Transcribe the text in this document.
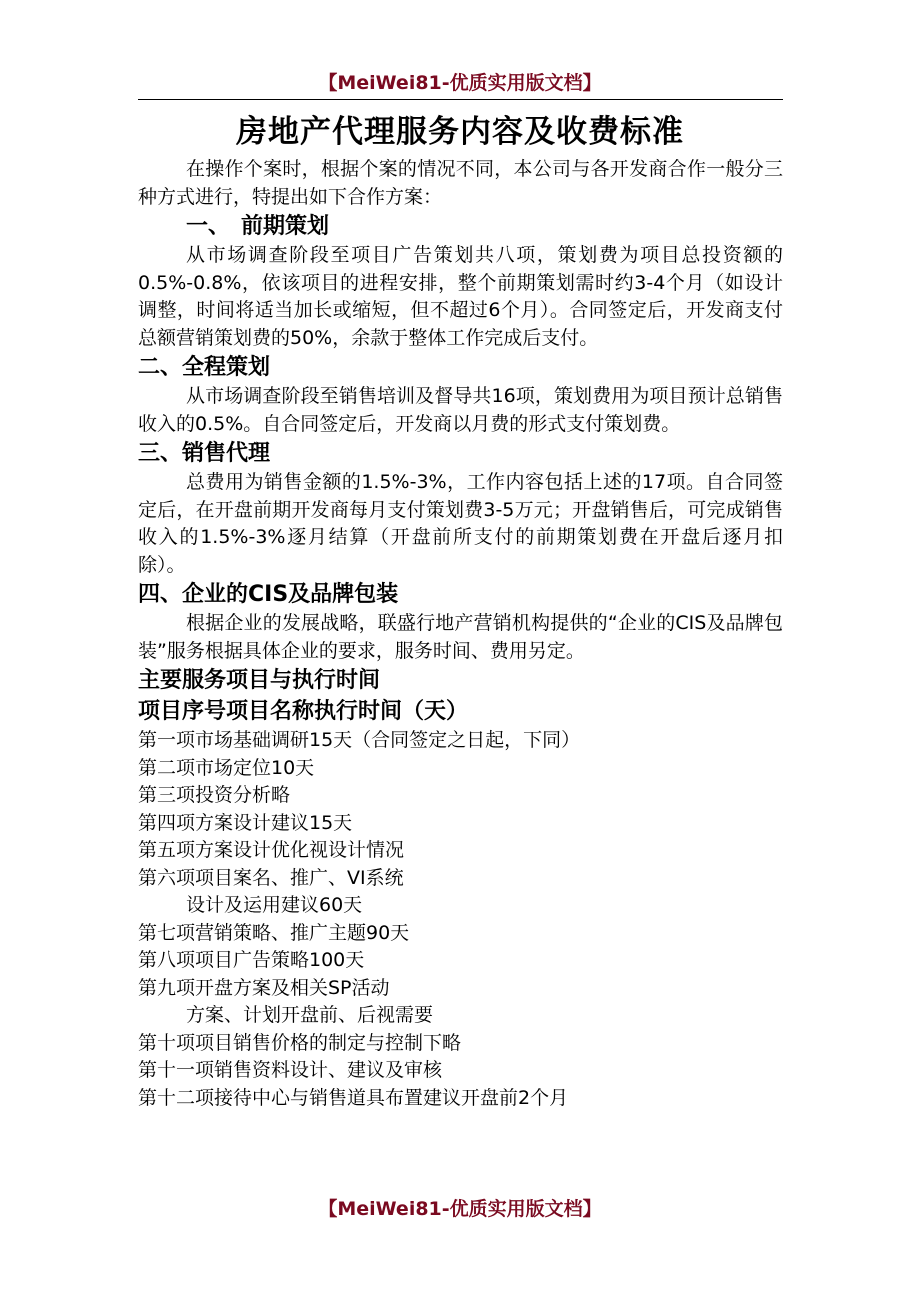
【MeiWei81-优质实用版文档】
房地产代理服务内容及收费标准

在操作个案时，根据个案的情况不同，本公司与各开发商合作一般分三种方式进行，特提出如下合作方案：

一、　前期策划

从市场调查阶段至项目广告策划共八项，策划费为项目总投资额的0.5%-0.8%，依该项目的进程安排，整个前期策划需时约3-4个月（如设计调整，时间将适当加长或缩短，但不超过6个月）。合同签定后，开发商支付总额营销策划费的50%，余款于整体工作完成后支付。

二、全程策划

从市场调查阶段至销售培训及督导共16项，策划费用为项目预计总销售收入的0.5%。自合同签定后，开发商以月费的形式支付策划费。

三、销售代理

总费用为销售金额的1.5%-3%，工作内容包括上述的17项。自合同签定后，在开盘前期开发商每月支付策划费3-5万元；开盘销售后，可完成销售收入的1.5%-3%逐月结算（开盘前所支付的前期策划费在开盘后逐月扣除）。

四、企业的CIS及品牌包装

根据企业的发展战略，联盛行地产营销机构提供的“企业的CIS及品牌包装”服务根据具体企业的要求，服务时间、费用另定。

主要服务项目与执行时间
项目序号项目名称执行时间（天）
第一项市场基础调研15天（合同签定之日起，下同）
第二项市场定位10天
第三项投资分析略
第四项方案设计建议15天
第五项方案设计优化视设计情况
第六项项目案名、推广、VI系统
设计及运用建议60天
第七项营销策略、推广主题90天
第八项项目广告策略100天
第九项开盘方案及相关SP活动
方案、计划开盘前、后视需要
第十项项目销售价格的制定与控制下略
第十一项销售资料设计、建议及审核
第十二项接待中心与销售道具布置建议开盘前2个月
【MeiWei81-优质实用版文档】
